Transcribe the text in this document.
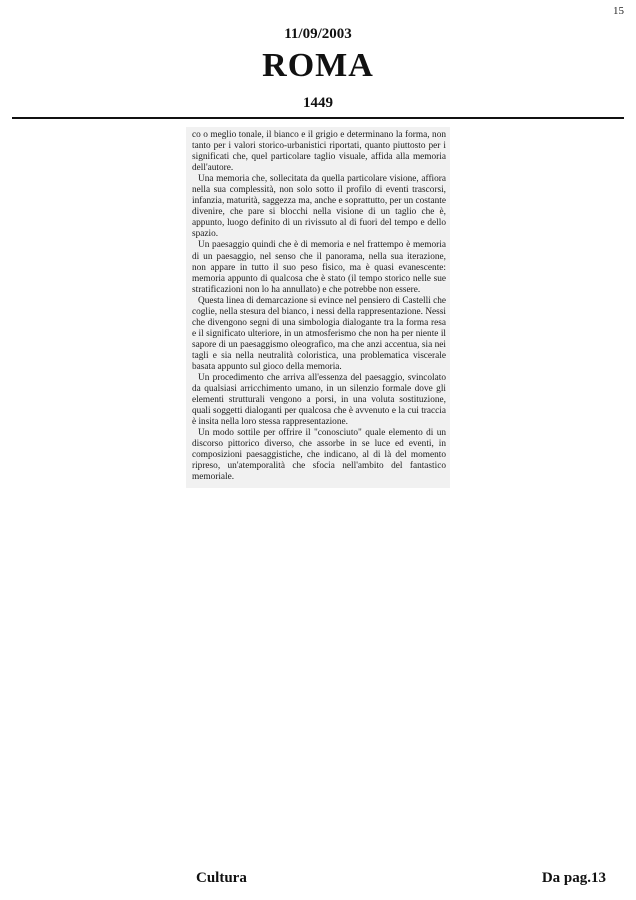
15
11/09/2003
ROMA
1449

co o meglio tonale, il bianco e il grigio e determinano la forma, non tanto per i valori storico-urbanistici riportati, quanto piuttosto per i significati che, quel particolare taglio visuale, affida alla memoria dell'autore.

Una memoria che, sollecitata da quella particolare visione, affiora nella sua complessità, non solo sotto il profilo di eventi trascorsi, infanzia, maturità, saggezza ma, anche e soprattutto, per un costante divenire, che pare si blocchi nella visione di un taglio che è, appunto, luogo definito di un rivissuto al di fuori del tempo e dello spazio.

Un paesaggio quindi che è di memoria e nel frattempo è memoria di un paesaggio, nel senso che il panorama, nella sua iterazione, non appare in tutto il suo peso fisico, ma è quasi evanescente: memoria appunto di qualcosa che è stato (il tempo storico nelle sue stratificazioni non lo ha annullato) e che potrebbe non essere.

Questa linea di demarcazione si evince nel pensiero di Castelli che coglie, nella stesura del bianco, i nessi della rappresentazione. Nessi che divengono segni di una simbologia dialogante tra la forma resa e il significato ulteriore, in un atmosferismo che non ha per niente il sapore di un paesaggismo oleografico, ma che anzi accentua, sia nei tagli e sia nella neutralità coloristica, una problematica viscerale basata appunto sul gioco della memoria.

Un procedimento che arriva all'essenza del paesaggio, svincolato da qualsiasi arricchimento umano, in un silenzio formale dove gli elementi strutturali vengono a porsi, in una voluta sostituzione, quali soggetti dialoganti per qualcosa che è avvenuto e la cui traccia è insita nella loro stessa rappresentazione.

Un modo sottile per offrire il "conosciuto" quale elemento di un discorso pittorico diverso, che assorbe in se luce ed eventi, in composizioni paesaggistiche, che indicano, al di là del momento ripreso, un'atemporalità che sfocia nell'ambito del fantastico memoriale.

Cultura	Da pag.13
